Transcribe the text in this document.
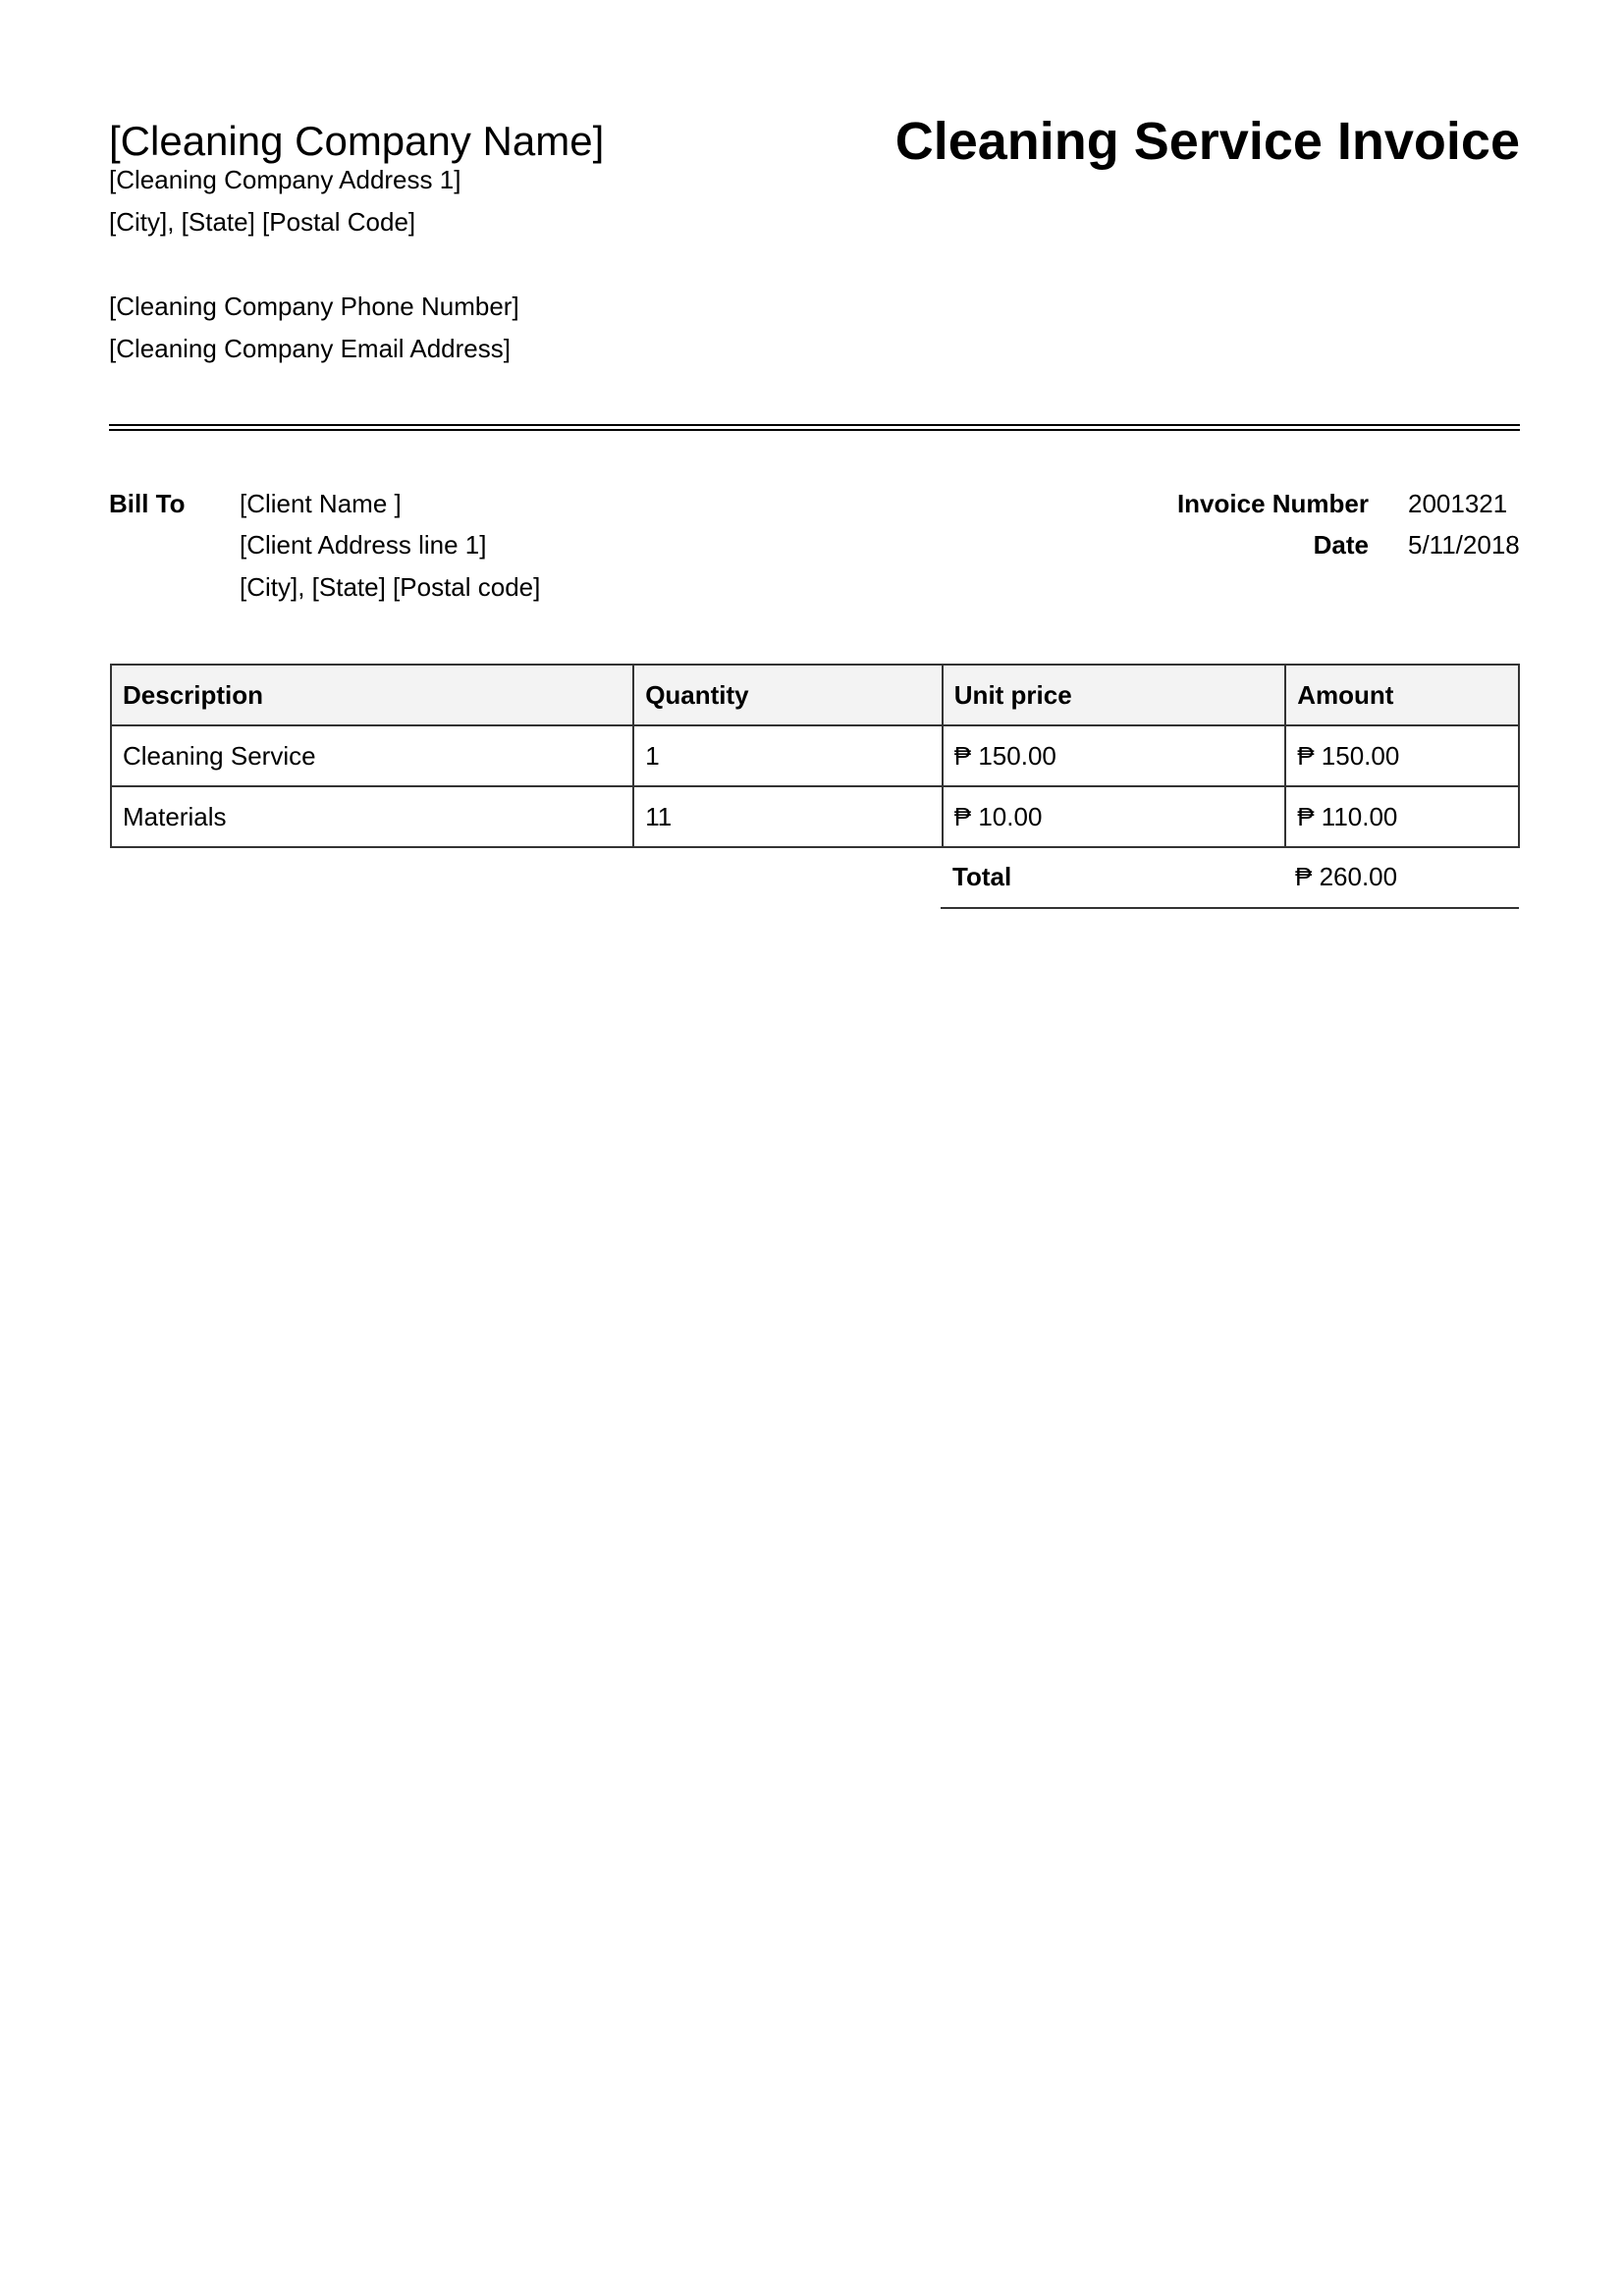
[Cleaning Company Name]
[Cleaning Company Address 1]
[City], [State] [Postal Code]
[Cleaning Company Phone Number]
[Cleaning Company Email Address]
Cleaning Service Invoice
Bill To [Client Name ]
[Client Address line 1]
[City], [State] [Postal code]
Invoice Number 2001321
Date 5/11/2018
Description	Quantity	Unit price	Amount
Cleaning Service	1	₱ 150.00	₱ 150.00
Materials	11	₱ 10.00	₱ 110.00
Total	₱ 260.00
